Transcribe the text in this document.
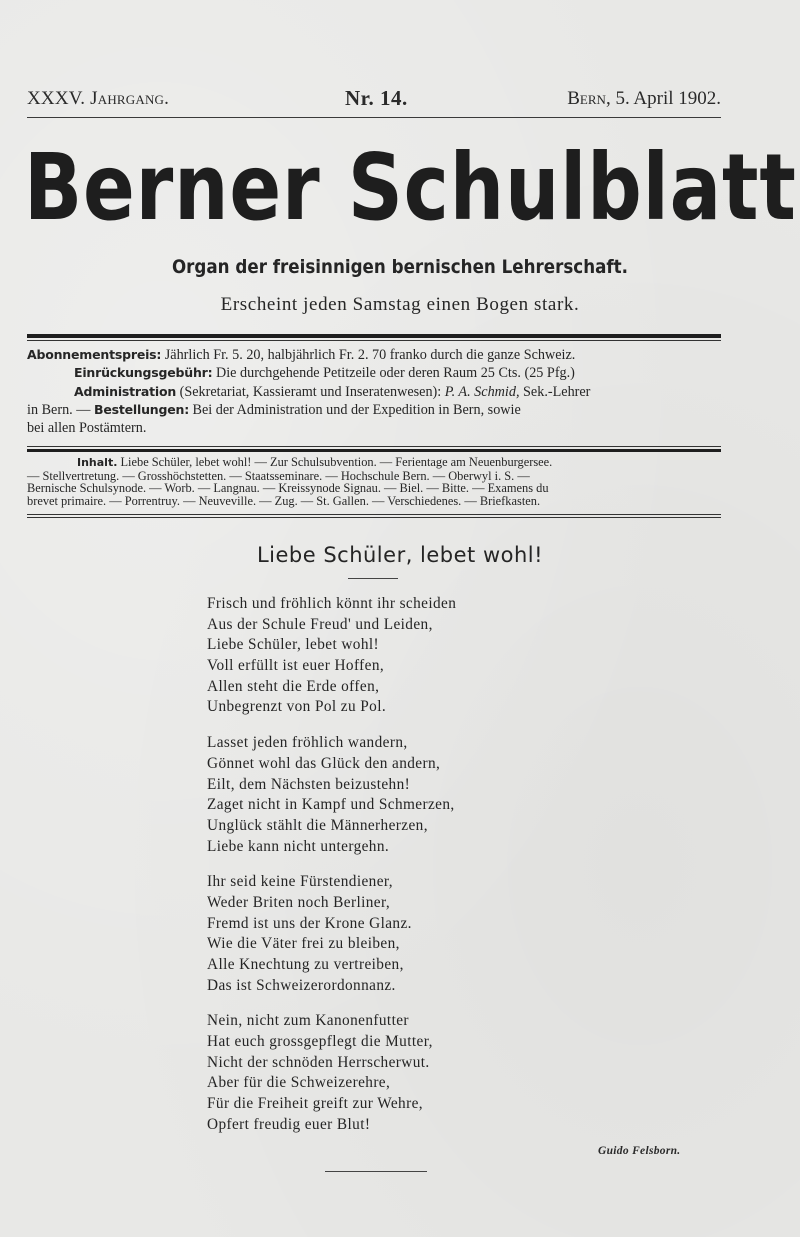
XXXV. Jahrgang.	Nr. 14.	Bern, 5. April 1902.
Berner Schulblatt
Organ der freisinnigen bernischen Lehrerschaft.
Erscheint jeden Samstag einen Bogen stark.
Abonnementspreis: Jährlich Fr. 5. 20, halbjährlich Fr. 2. 70 franko durch die ganze Schweiz.
Einrückungsgebühr: Die durchgehende Petitzeile oder deren Raum 25 Cts. (25 Pfg.)
Administration (Sekretariat, Kassieramt und Inseratenwesen): P. A. Schmid, Sek.-Lehrer
in Bern. — Bestellungen: Bei der Administration und der Expedition in Bern, sowie
bei allen Postämtern.
Inhalt. Liebe Schüler, lebet wohl! — Zur Schulsubvention. — Ferientage am Neuenburgersee.
— Stellvertretung. — Grosshöchstetten. — Staatsseminare. — Hochschule Bern. — Oberwyl i. S. —
Bernische Schulsynode. — Worb. — Langnau. — Kreissynode Signau. — Biel. — Bitte. — Examens du
brevet primaire. — Porrentruy. — Neuveville. — Zug. — St. Gallen. — Verschiedenes. — Briefkasten.
Liebe Schüler, lebet wohl!
Frisch und fröhlich könnt ihr scheiden
Aus der Schule Freud' und Leiden,
Liebe Schüler, lebet wohl!
Voll erfüllt ist euer Hoffen,
Allen steht die Erde offen,
Unbegrenzt von Pol zu Pol.
Lasset jeden fröhlich wandern,
Gönnet wohl das Glück den andern,
Eilt, dem Nächsten beizustehn!
Zaget nicht in Kampf und Schmerzen,
Unglück stählt die Männerherzen,
Liebe kann nicht untergehn.
Ihr seid keine Fürstendiener,
Weder Briten noch Berliner,
Fremd ist uns der Krone Glanz.
Wie die Väter frei zu bleiben,
Alle Knechtung zu vertreiben,
Das ist Schweizerordonnanz.
Nein, nicht zum Kanonenfutter
Hat euch grossgepflegt die Mutter,
Nicht der schnöden Herrscherwut.
Aber für die Schweizerehre,
Für die Freiheit greift zur Wehre,
Opfert freudig euer Blut!
Guido Felsborn.
